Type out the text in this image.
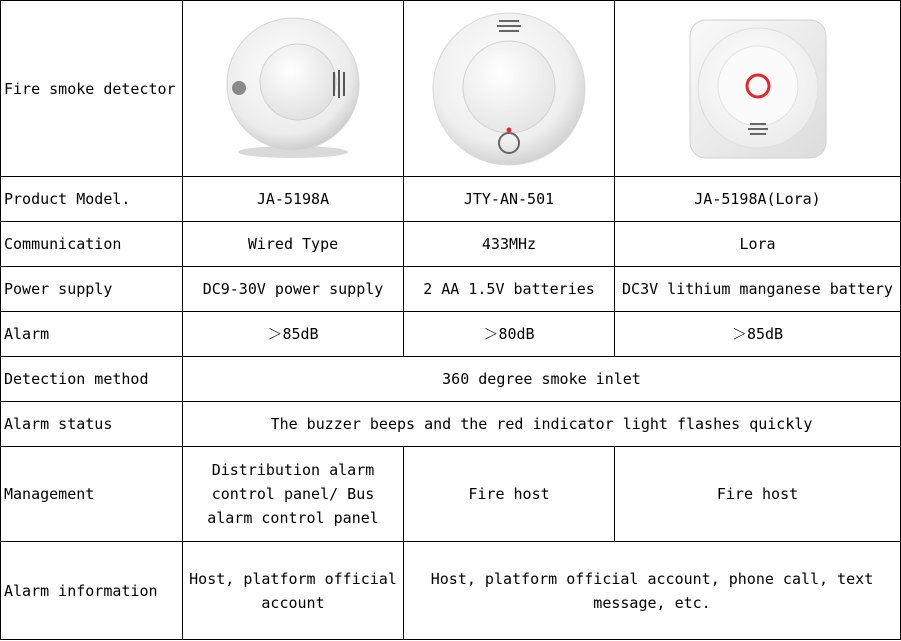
Fire smoke detector	

Product Model.	JA-5198A	JTY-AN-501	JA-5198A(Lora)
Communication	Wired Type	433MHz	Lora
Power supply	DC9-30V power supply	2 AA 1.5V batteries	DC3V lithium manganese battery
Alarm	＞85dB	＞80dB	＞85dB
Detection method	360 degree smoke inlet		
Alarm status	The buzzer beeps and the red indicator light flashes quickly		
Management	Distribution alarm control panel/ Bus alarm control panel	Fire host	Fire host
Alarm information	Host, platform official account	Host, platform official account, phone call, text message, etc.	
